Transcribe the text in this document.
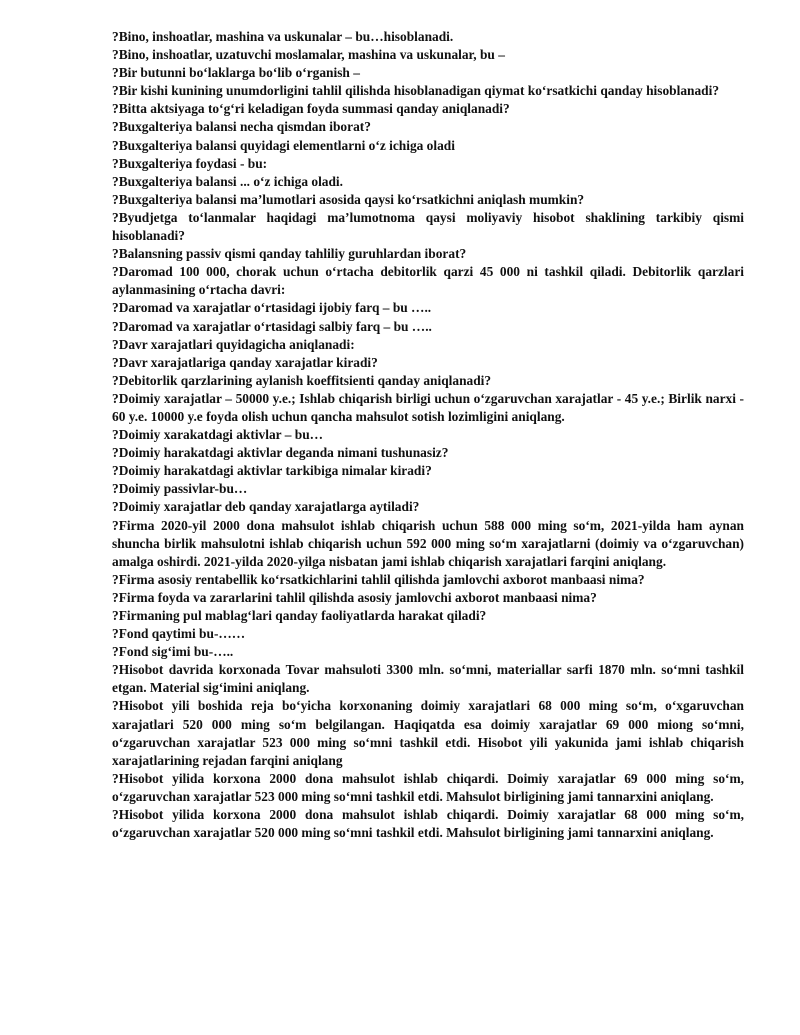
?Bino, inshoatlar, mashina va uskunalar – bu…hisoblanadi.

?Bino, inshoatlar, uzatuvchi moslamalar, mashina va uskunalar, bu –

?Bir butunni bo‘laklarga bo‘lib o‘rganish –

?Bir kishi kunining unumdorligini tahlil qilishda hisoblanadigan qiymat ko‘rsatkichi qanday hisoblanadi?

?Bitta aktsiyaga to‘g‘ri keladigan foyda summasi qanday aniqlanadi?

?Buxgalteriya balansi necha qismdan iborat?

?Buxgalteriya balansi quyidagi elementlarni o‘z ichiga oladi

?Buxgalteriya foydasi - bu:

?Buxgalteriya balansi ... o‘z ichiga oladi.

?Buxgalteriya balansi ma’lumotlari asosida qaysi ko‘rsatkichni aniqlash mumkin?

?Byudjetga to‘lanmalar haqidagi ma’lumotnoma qaysi moliyaviy hisobot shaklining tarkibiy qismi hisoblanadi?

?Balansning passiv qismi qanday tahliliy guruhlardan iborat?

?Daromad 100 000, chorak uchun o‘rtacha debitorlik qarzi 45 000 ni tashkil qiladi. Debitorlik qarzlari aylanmasining o‘rtacha davri:

?Daromad va xarajatlar o‘rtasidagi ijobiy farq – bu …..

?Daromad va xarajatlar o‘rtasidagi salbiy farq – bu …..

?Davr xarajatlari quyidagicha aniqlanadi:

?Davr xarajatlariga qanday xarajatlar kiradi?

?Debitorlik qarzlarining aylanish koeffitsienti qanday aniqlanadi?

?Doimiy xarajatlar – 50000 y.e.; Ishlab chiqarish birligi uchun o‘zgaruvchan xarajatlar - 45 y.e.; Birlik narxi - 60 y.e. 10000 y.e foyda olish uchun qancha mahsulot sotish lozimligini aniqlang.

?Doimiy xarakatdagi aktivlar – bu…

?Doimiy harakatdagi aktivlar deganda nimani tushunasiz?

?Doimiy harakatdagi aktivlar tarkibiga nimalar kiradi?

?Doimiy passivlar-bu…

?Doimiy xarajatlar deb qanday xarajatlarga aytiladi?

?Firma 2020-yil 2000 dona mahsulot ishlab chiqarish uchun 588 000 ming so‘m, 2021-yilda ham aynan shuncha birlik mahsulotni ishlab chiqarish uchun 592 000 ming so‘m xarajatlarni (doimiy va o‘zgaruvchan) amalga oshirdi. 2021-yilda 2020-yilga nisbatan jami ishlab chiqarish xarajatlari farqini aniqlang.

?Firma asosiy rentabellik ko‘rsatkichlarini tahlil qilishda jamlovchi axborot manbaasi nima?

?Firma foyda va zararlarini tahlil qilishda asosiy jamlovchi axborot manbaasi nima?

?Firmaning pul mablag‘lari qanday faoliyatlarda harakat qiladi?

?Fond qaytimi bu-……

?Fond sig‘imi bu-…..

?Hisobot davrida korxonada Tovar mahsuloti 3300 mln. so‘mni, materiallar sarfi 1870 mln. so‘mni tashkil etgan. Material sig‘imini aniqlang.

?Hisobot yili boshida reja bo‘yicha korxonaning doimiy xarajatlari 68 000 ming so‘m, o‘xgaruvchan xarajatlari 520 000 ming so‘m belgilangan. Haqiqatda esa doimiy xarajatlar 69 000 miong so‘mni, o‘zgaruvchan xarajatlar 523 000 ming so‘mni tashkil etdi. Hisobot yili yakunida jami ishlab chiqarish xarajatlarining rejadan farqini aniqlang

?Hisobot yilida korxona 2000 dona mahsulot ishlab chiqardi. Doimiy xarajatlar 69 000 ming so‘m, o‘zgaruvchan xarajatlar 523 000 ming so‘mni tashkil etdi. Mahsulot birligining jami tannarxini aniqlang.

?Hisobot yilida korxona 2000 dona mahsulot ishlab chiqardi. Doimiy xarajatlar 68 000 ming so‘m, o‘zgaruvchan xarajatlar 520 000 ming so‘mni tashkil etdi. Mahsulot birligining jami tannarxini aniqlang.
